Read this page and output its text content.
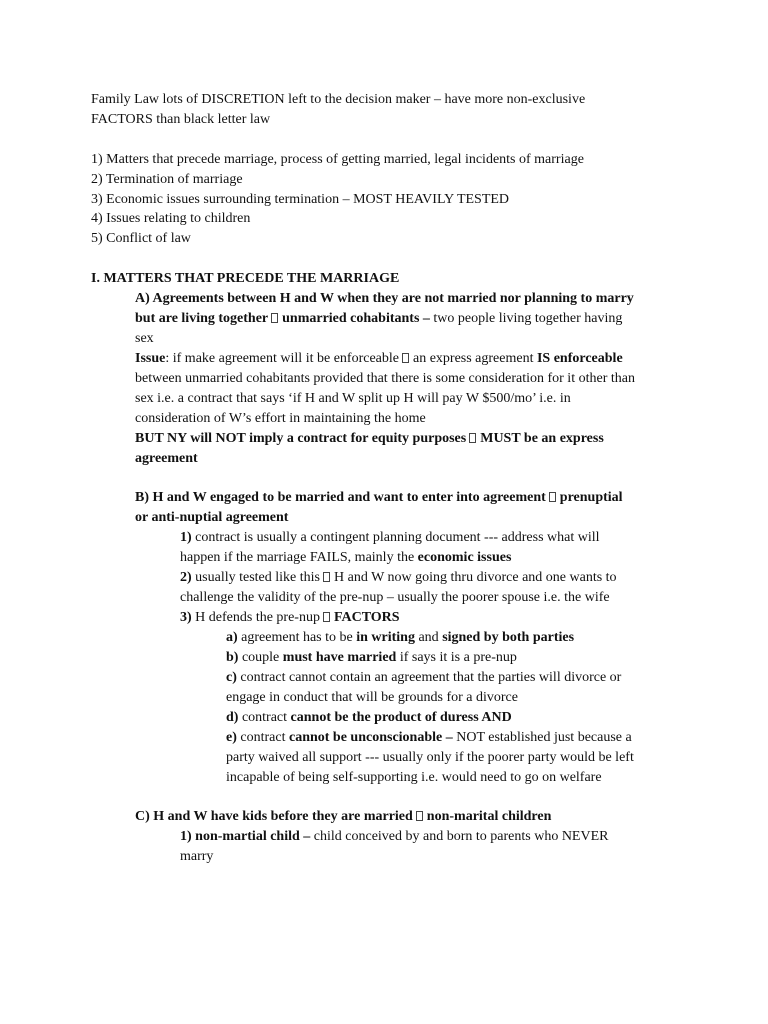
Family Law lots of DISCRETION left to the decision maker – have more non-exclusive
FACTORS than black letter law
1) Matters that precede marriage, process of getting married, legal incidents of marriage
2) Termination of marriage
3) Economic issues surrounding termination – MOST HEAVILY TESTED
4) Issues relating to children
5) Conflict of law
I. MATTERS THAT PRECEDE THE MARRIAGE
A) Agreements between H and W when they are not married nor planning to marry
but are living together unmarried cohabitants – two people living together having
sex
Issue: if make agreement will it be enforceable an express agreement IS enforceable
between unmarried cohabitants provided that there is some consideration for it other than
sex i.e. a contract that says ‘if H and W split up H will pay W $500/mo’ i.e. in
consideration of W’s effort in maintaining the home
BUT NY will NOT imply a contract for equity purposes MUST be an express
agreement
B) H and W engaged to be married and want to enter into agreement prenuptial
or anti-nuptial agreement
1) contract is usually a contingent planning document --- address what will
happen if the marriage FAILS, mainly the economic issues
2) usually tested like this H and W now going thru divorce and one wants to
challenge the validity of the pre-nup – usually the poorer spouse i.e. the wife
3) H defends the pre-nup FACTORS
a) agreement has to be in writing and signed by both parties
b) couple must have married if says it is a pre-nup
c) contract cannot contain an agreement that the parties will divorce or
engage in conduct that will be grounds for a divorce
d) contract cannot be the product of duress AND
e) contract cannot be unconscionable – NOT established just because a
party waived all support --- usually only if the poorer party would be left
incapable of being self-supporting i.e. would need to go on welfare
C) H and W have kids before they are married non-marital children
1) non-martial child – child conceived by and born to parents who NEVER
marry
